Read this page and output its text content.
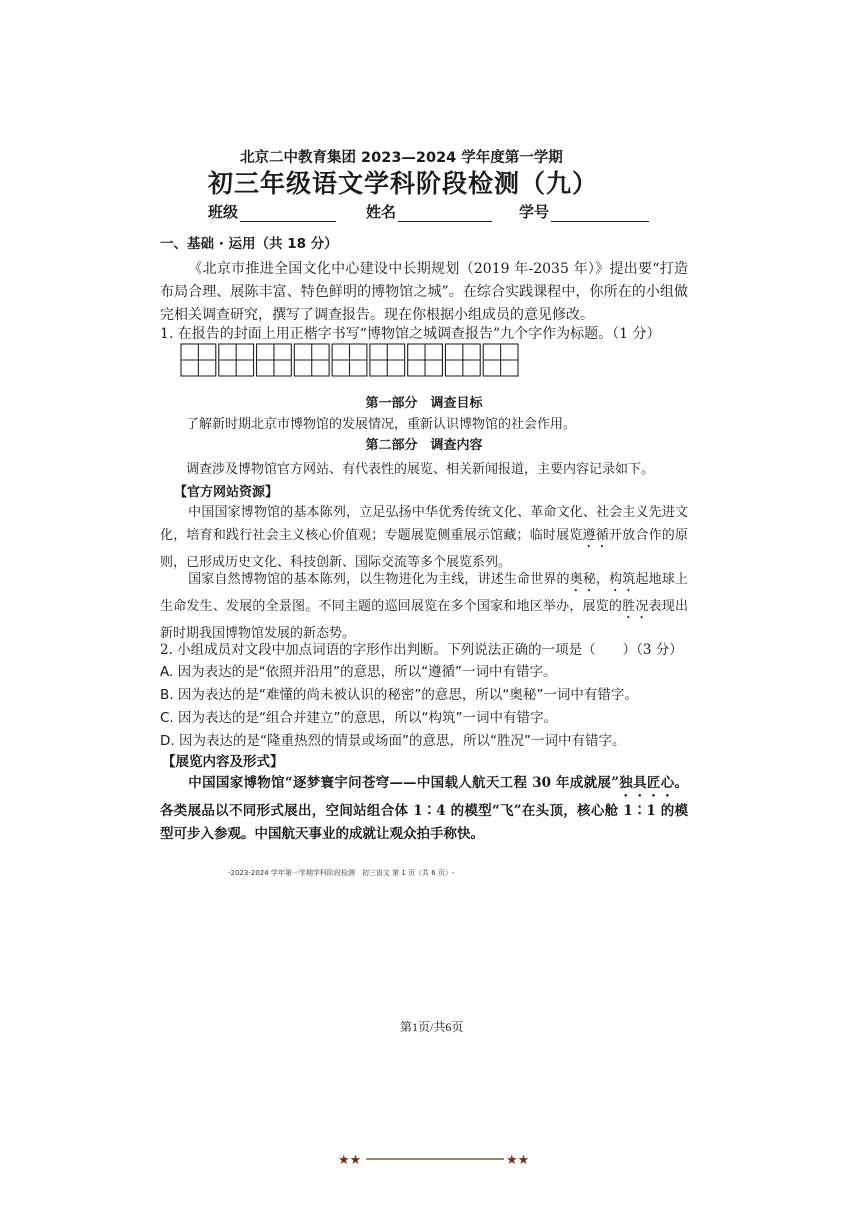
北京二中教育集团 2023—2024 学年度第一学期
初三年级语文学科阶段检测（九）
班级	姓名	学号
一、基础 · 运用（共 18 分）
《北京市推进全国文化中心建设中长期规划（2019 年-2035 年）》提出要“打造布局合理、展陈丰富、特色鲜明的博物馆之城”。在综合实践课程中，你所在的小组做完相关调查研究，撰写了调查报告。现在你根据小组成员的意见修改。
1. 在报告的封面上用正楷字书写“博物馆之城调查报告”九个字作为标题。（1 分）
第一部分　调查目标
了解新时期北京市博物馆的发展情况，重新认识博物馆的社会作用。
第二部分　调查内容
调查涉及博物馆官方网站、有代表性的展览、相关新闻报道，主要内容记录如下。
【官方网站资源】
中国国家博物馆的基本陈列，立足弘扬中华优秀传统文化、革命文化、社会主义先进文化，培育和践行社会主义核心价值观；专题展览侧重展示馆藏；临时展览遵循开放合作的原则，已形成历史文化、科技创新、国际交流等多个展览系列。
国家自然博物馆的基本陈列，以生物进化为主线，讲述生命世界的奥秘，构筑起地球上生命发生、发展的全景图。不同主题的巡回展览在多个国家和地区举办，展览的胜况表现出新时期我国博物馆发展的新态势。
2. 小组成员对文段中加点词语的字形作出判断。下列说法正确的一项是（　　）（3 分）
A. 因为表达的是“依照并沿用”的意思，所以“遵循”一词中有错字。
B. 因为表达的是“难懂的尚未被认识的秘密”的意思，所以“奥秘”一词中有错字。
C. 因为表达的是“组合并建立”的意思，所以“构筑”一词中有错字。
D. 因为表达的是“隆重热烈的情景或场面”的意思，所以“胜况”一词中有错字。
【展览内容及形式】
中国国家博物馆“逐梦寰宇问苍穹——中国载人航天工程 30 年成就展”独具匠心。各类展品以不同形式展出，空间站组合体 1∶4 的模型“飞”在头顶，核心舱 1∶1 的模型可步入参观。中国航天事业的成就让观众拍手称快。
-2023-2024 学年第一学期学科阶段检测　初三语文 第 1 页（共 6 页）-
第1页/共6页
★★	★★
